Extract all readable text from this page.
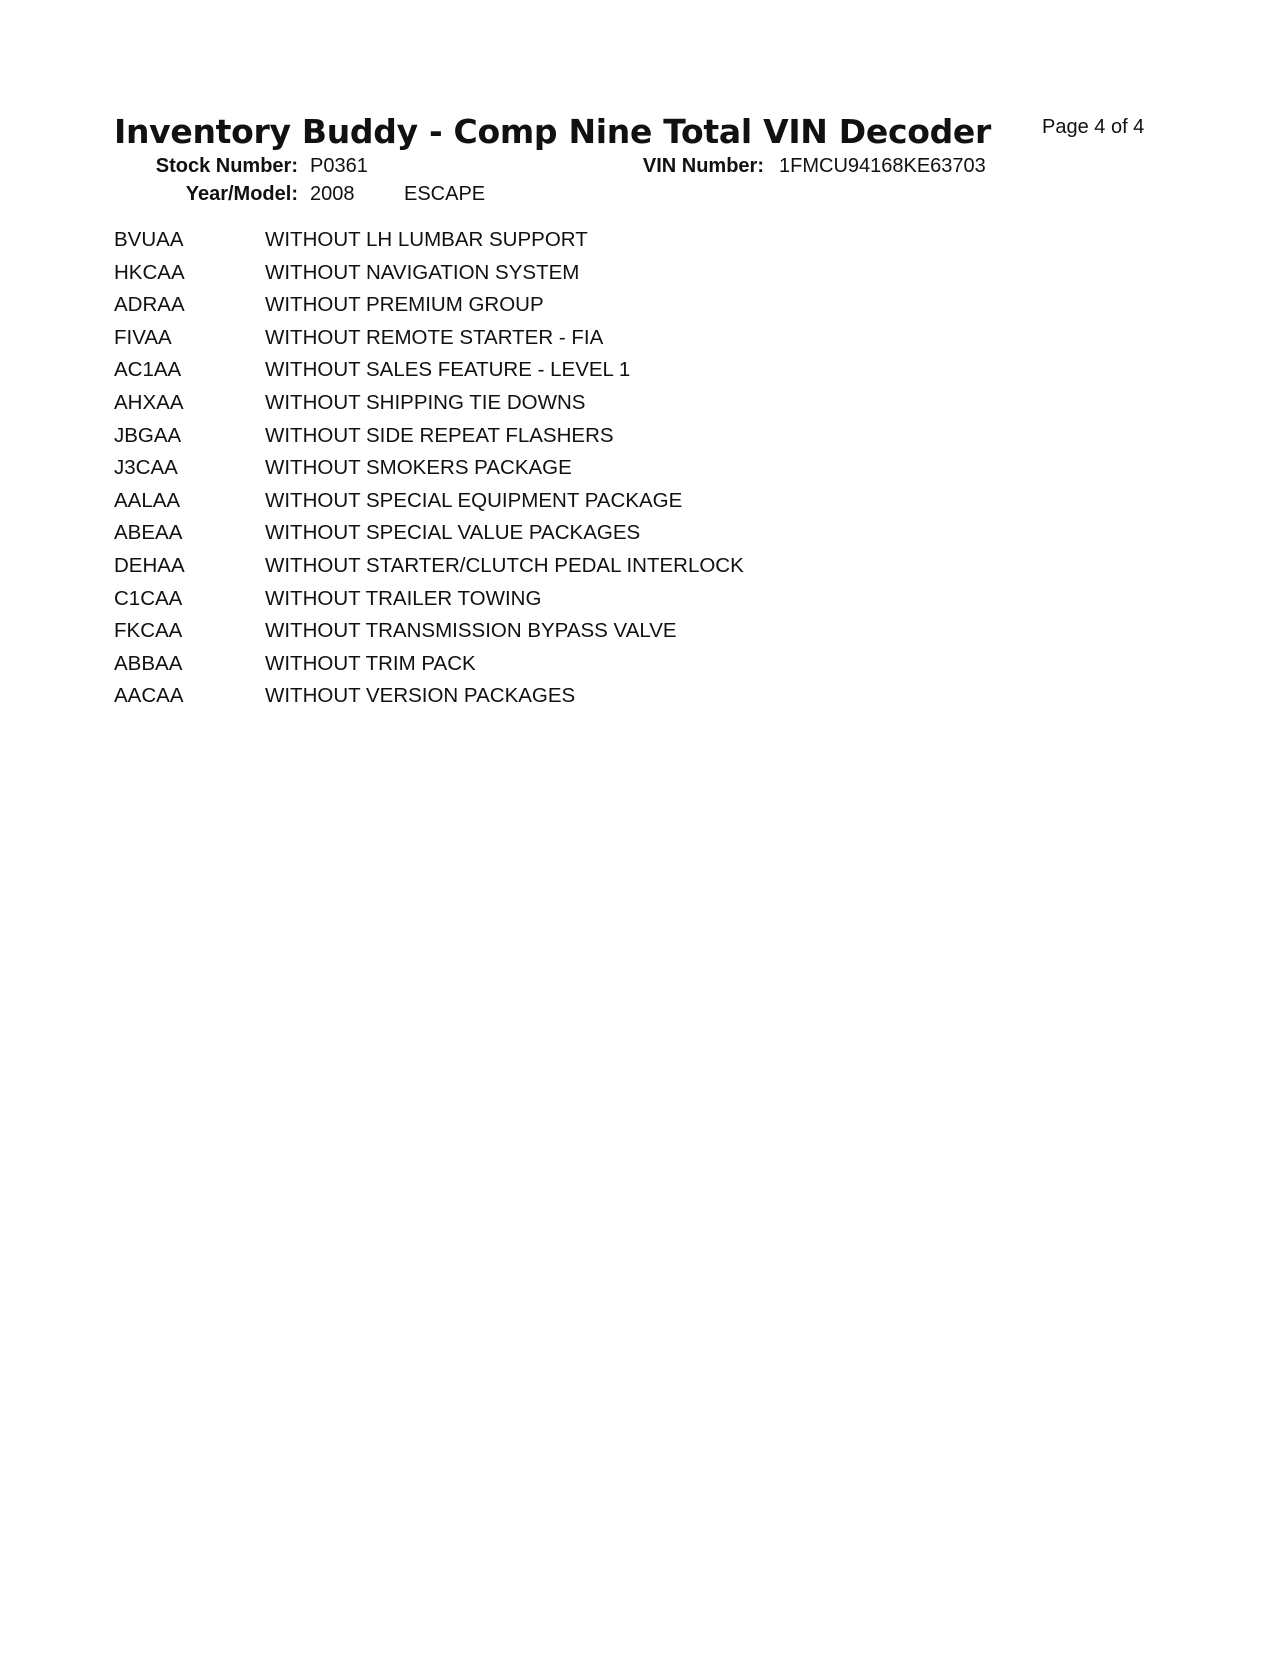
Inventory Buddy - Comp Nine Total VIN Decoder	Page 4 of 4
Stock Number: P0361	VIN Number: 1FMCU94168KE63703
Year/Model: 2008 ESCAPE
BVUAA	WITHOUT LH LUMBAR SUPPORT
HKCAA	WITHOUT NAVIGATION SYSTEM
ADRAA	WITHOUT PREMIUM GROUP
FIVAA	WITHOUT REMOTE STARTER - FIA
AC1AA	WITHOUT SALES FEATURE - LEVEL 1
AHXAA	WITHOUT SHIPPING TIE DOWNS
JBGAA	WITHOUT SIDE REPEAT FLASHERS
J3CAA	WITHOUT SMOKERS PACKAGE
AALAA	WITHOUT SPECIAL EQUIPMENT PACKAGE
ABEAA	WITHOUT SPECIAL VALUE PACKAGES
DEHAA	WITHOUT STARTER/CLUTCH PEDAL INTERLOCK
C1CAA	WITHOUT TRAILER TOWING
FKCAA	WITHOUT TRANSMISSION BYPASS VALVE
ABBAA	WITHOUT TRIM PACK
AACAA	WITHOUT VERSION PACKAGES
